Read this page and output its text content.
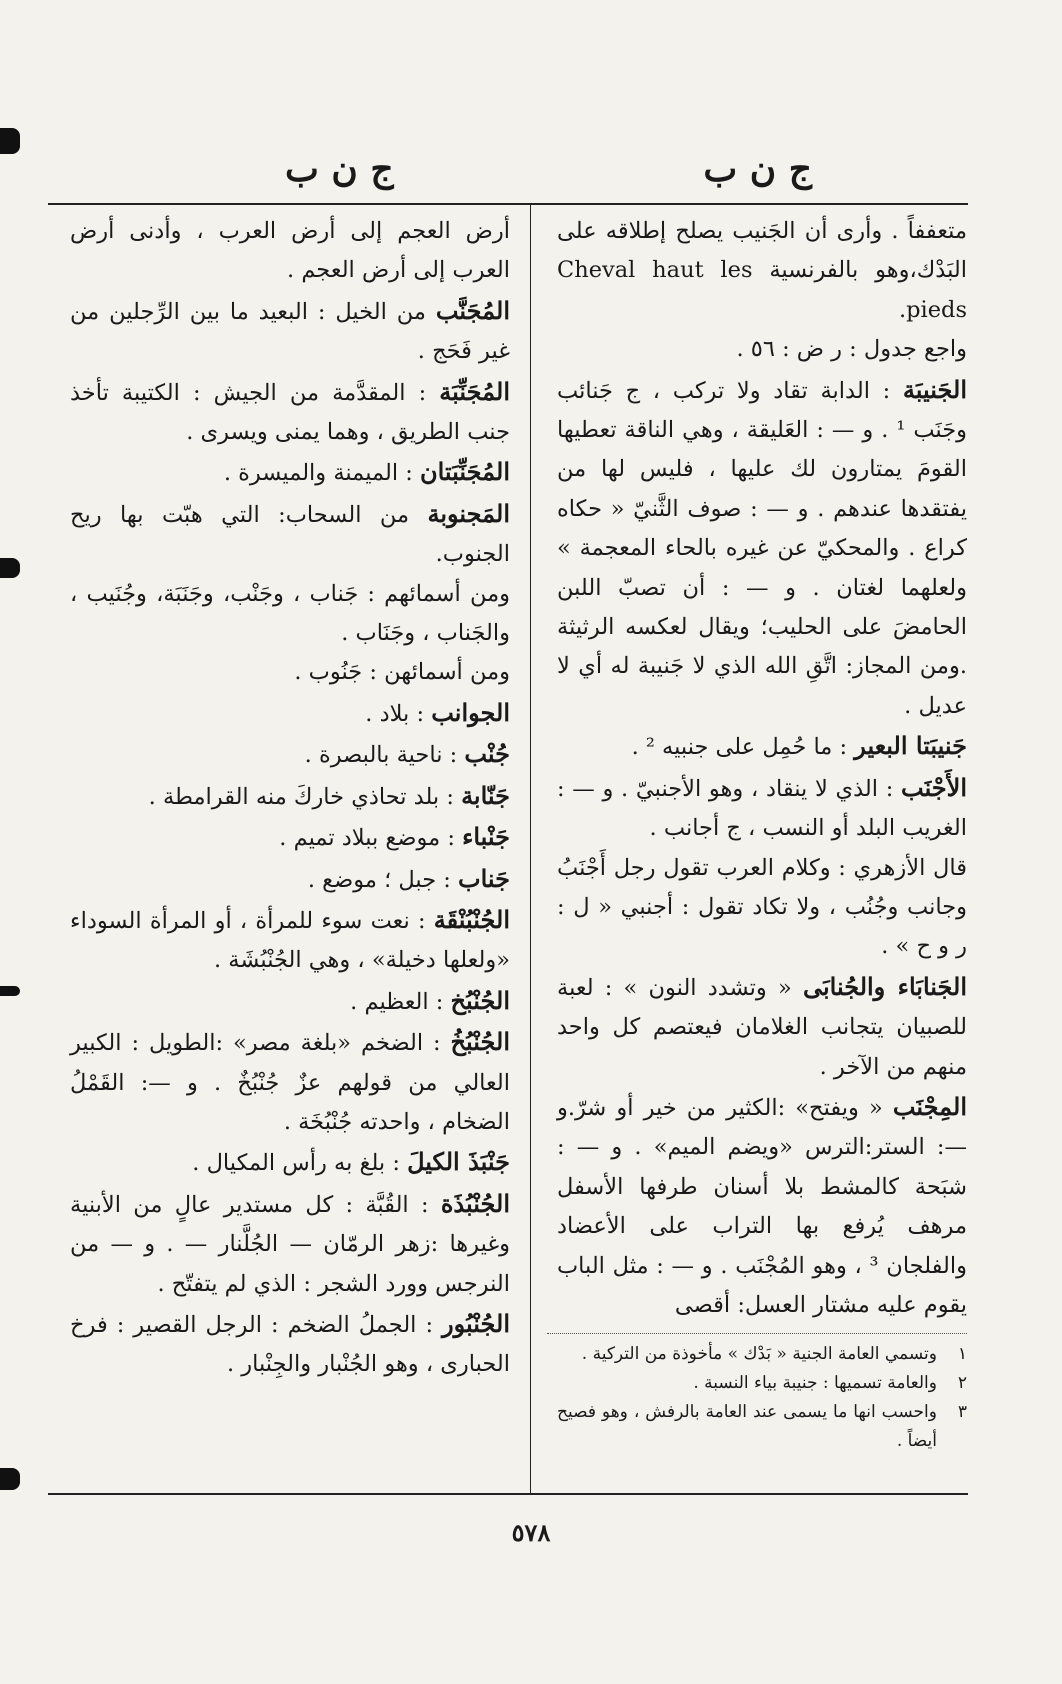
ج ن ب
ج ن ب

متعففاً . وأرى أن الجَنيب يصلح إطلاقه على البَدْك،وهو بالفرنسية Cheval haut les pieds.

واجع جدول : ر ض : ٥٦ .

الجَنيبَة : الدابة تقاد ولا تركب ، ج جَنائب وجَنَب ¹ . و — : العَليقة ، وهي الناقة تعطيها القومَ يمتارون لك عليها ، فليس لها من يفتقدها عندهم . و — : صوف الثَّنيّ « حكاه كراع . والمحكيّ عن غيره بالحاء المعجمة » ولعلهما لغتان . و — : أن تصبّ اللبن الحامضَ على الحليب؛ ويقال لعكسه الرثيثة .ومن المجاز: اتَّقِ الله الذي لا جَنيبة له أي لا عديل .

جَنيبَتا البعير : ما حُمِل على جنبيه ² .

الأَجْنَب : الذي لا ينقاد ، وهو الأجنبيّ . و — : الغريب البلد أو النسب ، ج أجانب .

قال الأزهري : وكلام العرب تقول رجل أَجْنَبُ وجانب وجُنُب ، ولا تكاد تقول : أجنبي « ل : ر و ح » .

الجَنابَاء والجُنابَى « وتشدد النون » : لعبة للصبيان يتجانب الغلامان فيعتصم كل واحد منهم من الآخر .

المِجْنَب « ويفتح» :الكثير من خير أو شرّ.و—: الستر:الترس «ويضم الميم» . و — : شبَحة كالمشط بلا أسنان طرفها الأسفل مرهف يُرفع بها التراب على الأعضاد والفلجان ³ ، وهو المُجْنَب . و — : مثل الباب يقوم عليه مشتار العسل: أقصى

١
وتسمي العامة الجنية « بَدْك » مأخوذة من التركية .

٢
والعامة تسميها : جنيبة بياء النسبة .

٣
واحسب انها ما يسمى عند العامة بالرفش ، وهو فصيح أيضاً .

أرض العجم إلى أرض العرب ، وأدنى أرض العرب إلى أرض العجم .

المُجَنَّب من الخيل : البعيد ما بين الرِّجلين من غير فَحَج .

المُجَنِّبَة : المقدَّمة من الجيش : الكتيبة تأخذ جنب الطريق ، وهما يمنى ويسرى .

المُجَنِّبَتان : الميمنة والميسرة .

المَجنوبة من السحاب: التي هبّت بها ريح الجنوب.

ومن أسمائهم : جَناب ، وجَنْب، وجَنَبَة، وجُنَيب ، والجَناب ، وجَنَاب .

ومن أسمائهن : جَنُوب .

الجوانب : بلاد .

جُنْب : ناحية بالبصرة .

جَنّابة : بلد تحاذي خاركَ منه القرامطة .

جَنْباء : موضع ببلاد تميم .

جَناب : جبل ؛ موضع .

الجُنْبُنْقَة : نعت سوء للمرأة ، أو المرأة السوداء «ولعلها دخيلة» ، وهي الجُنْبُشَة .

الجُنْبُخ : العظيم .

الجُنْبُخُ : الضخم «بلغة مصر» :الطويل : الكبير العالي من قولهم عزٌ جُنْبُخٌ . و —: القَمْلُ الضخام ، واحدته جُنْبُخَة .

جَنْبَذَ الكيلَ : بلغ به رأس المكيال .

الجُنْبُذَة : القُبَّة : كل مستدير عالٍ من الأبنية وغيرها :زهر الرمّان — الجُلَّنار — . و — من النرجس وورد الشجر : الذي لم يتفتّح .

الجُنْبُور : الجملُ الضخم : الرجل القصير : فرخ الحبارى ، وهو الجُنْبار والجِنْبار .

٥٧٨
